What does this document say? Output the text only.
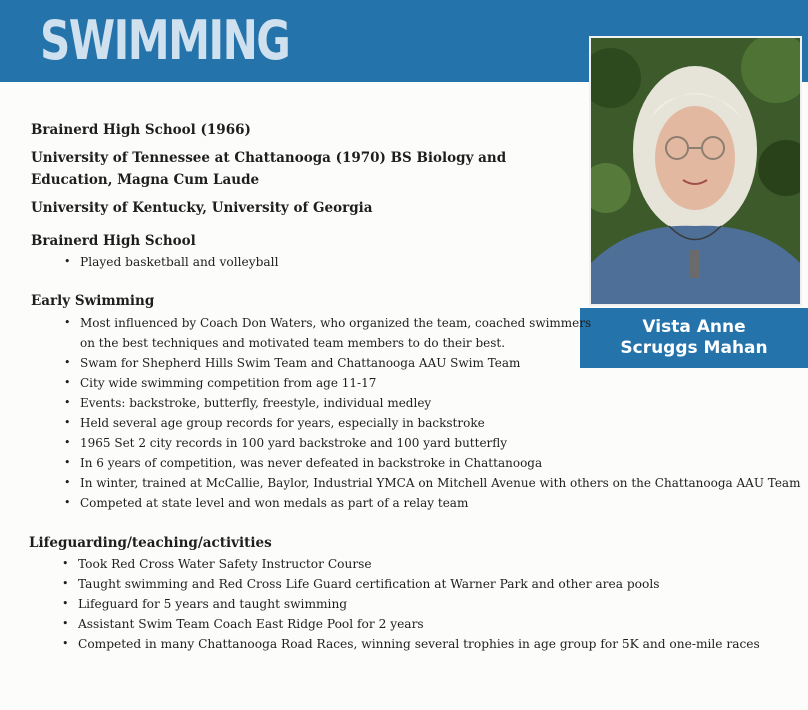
SWIMMING
Vista Anne
Scruggs Mahan

Brainerd High School (1966)

University of Tennessee at Chattanooga (1970) BS Biology and Education, Magna Cum Laude

University of Kentucky, University of Georgia

Brainerd High School
• Played basketball and volleyball
Early Swimming
• Most influenced by Coach Don Waters, who organized the team, coached swimmers
on the best techniques and motivated team members to do their best.
• Swam for Shepherd Hills Swim Team and Chattanooga AAU Swim Team
• City wide swimming competition from age 11-17
• Events: backstroke, butterfly, freestyle, individual medley
• Held several age group records for years, especially in backstroke
• 1965 Set 2 city records in 100 yard backstroke and 100 yard butterfly
• In 6 years of competition, was never defeated in backstroke in Chattanooga
• In winter, trained at McCallie, Baylor, Industrial YMCA on Mitchell Avenue with others on the Chattanooga AAU Team
• Competed at state level and won medals as part of a relay team
Lifeguarding/teaching/activities
• Took Red Cross Water Safety Instructor Course
• Taught swimming and Red Cross Life Guard certification at Warner Park and other area pools
• Lifeguard for 5 years and taught swimming
• Assistant Swim Team Coach East Ridge Pool for 2 years
• Competed in many Chattanooga Road Races, winning several trophies in age group for 5K and one-mile races
